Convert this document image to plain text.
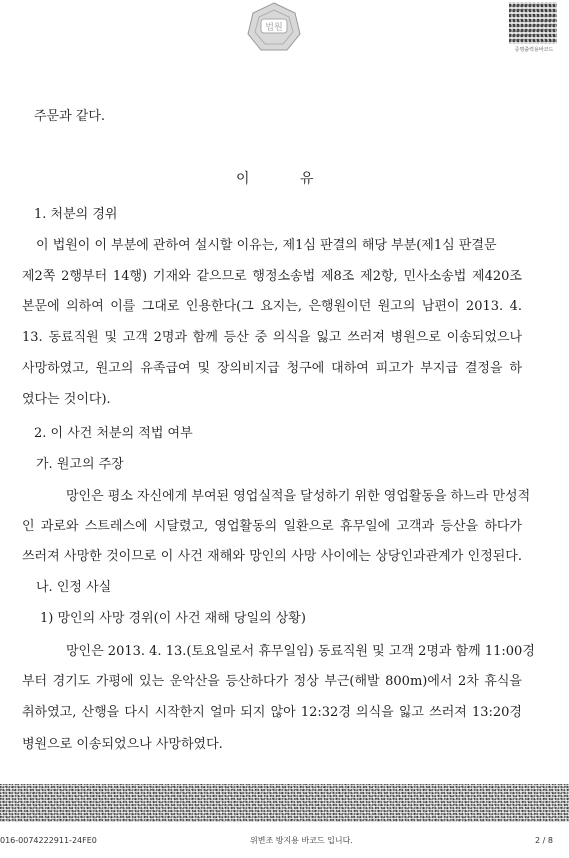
법원
증명출력용바코드
주문과 같다.
이	유
1. 처분의 경위
이 법원이 이 부분에 관하여 설시할 이유는, 제1심 판결의 해당 부분(제1심 판결문
제2쪽 2행부터 14행) 기재와 같으므로 행정소송법 제8조 제2항, 민사소송법 제420조
본문에 의하여 이를 그대로 인용한다(그 요지는, 은행원이던 원고의 남편이 2013. 4.
13. 동료직원 및 고객 2명과 함께 등산 중 의식을 잃고 쓰러져 병원으로 이송되었으나
사망하였고, 원고의 유족급여 및 장의비지급 청구에 대하여 피고가 부지급 결정을 하
였다는 것이다).
2. 이 사건 처분의 적법 여부
가. 원고의 주장
망인은 평소 자신에게 부여된 영업실적을 달성하기 위한 영업활동을 하느라 만성적
인 과로와 스트레스에 시달렸고, 영업활동의 일환으로 휴무일에 고객과 등산을 하다가
쓰러져 사망한 것이므로 이 사건 재해와 망인의 사망 사이에는 상당인과관계가 인정된다.
나. 인정 사실
1) 망인의 사망 경위(이 사건 재해 당일의 상황)
망인은 2013. 4. 13.(토요일로서 휴무일임) 동료직원 및 고객 2명과 함께 11:00경
부터 경기도 가평에 있는 운악산을 등산하다가 정상 부근(해발 800m)에서 2차 휴식을
취하였고, 산행을 다시 시작한지 얼마 되지 않아 12:32경 의식을 잃고 쓰러져 13:20경
병원으로 이송되었으나 사망하였다.
016-0074222911-24FE0	위변조 방지용 바코드 입니다.	2 / 8
